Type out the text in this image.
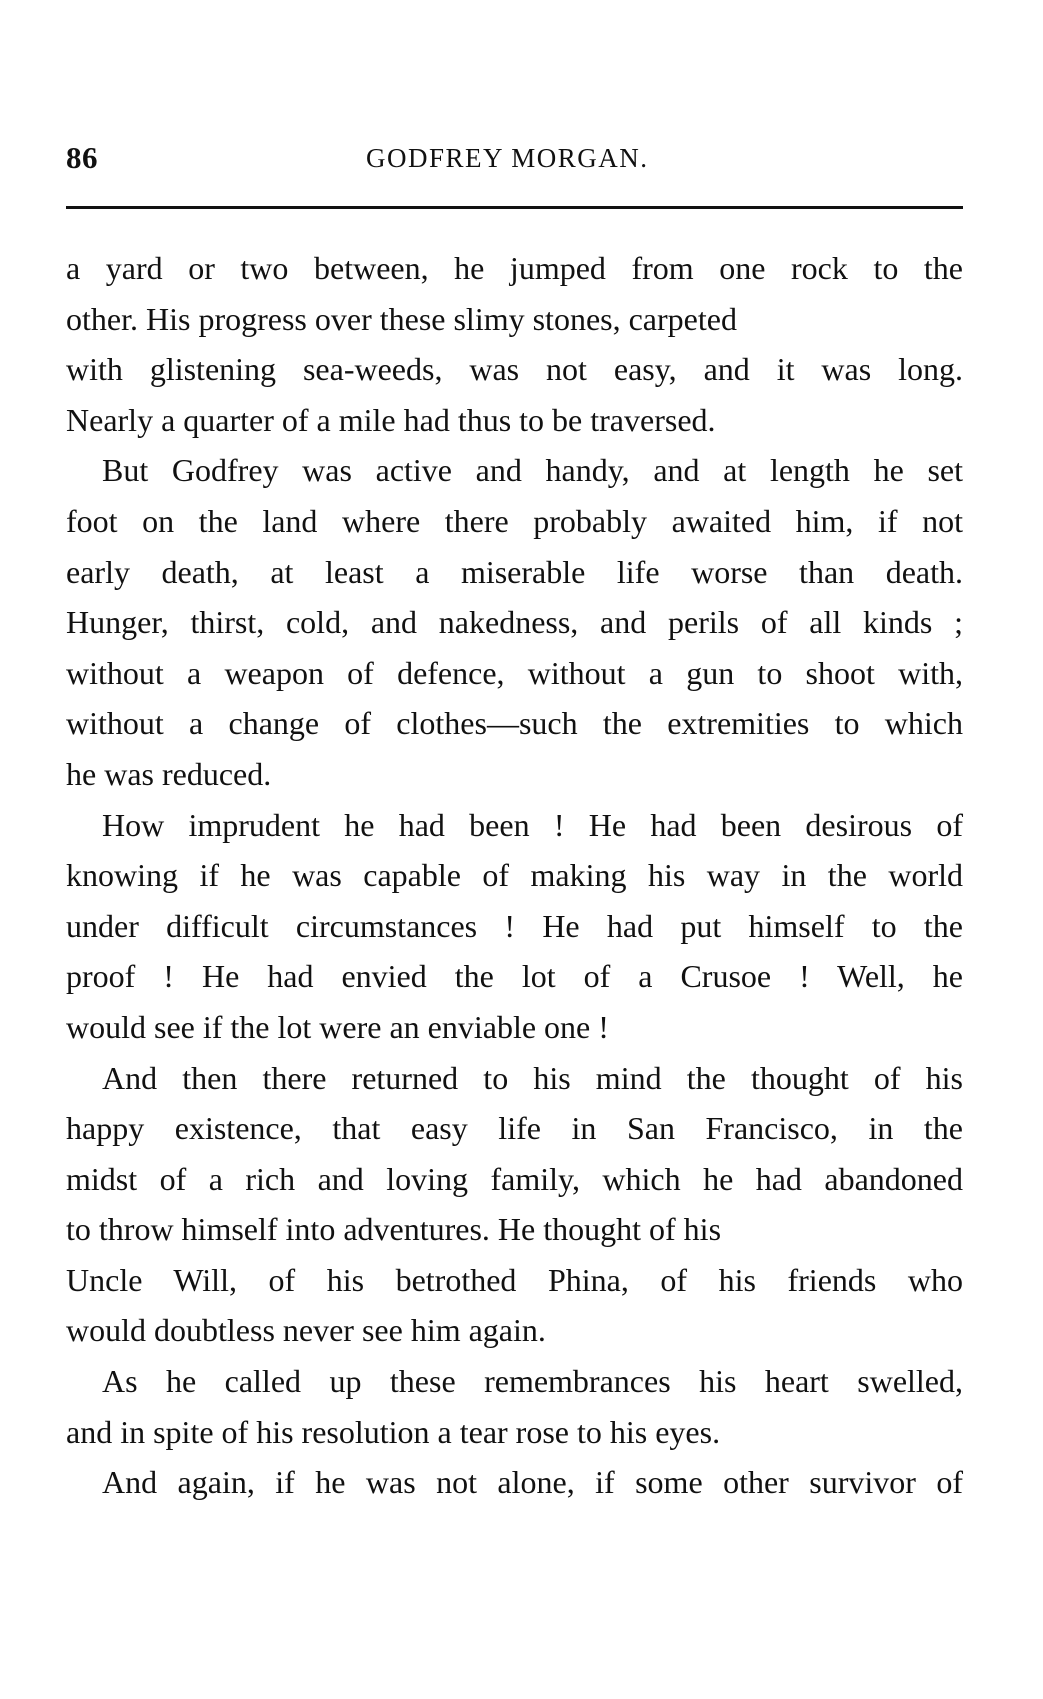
86	GODFREY MORGAN.
a yard or two between, he jumped from one rock to the
other. His progress over these slimy stones, carpeted
with glistening sea-weeds, was not easy, and it was long.
Nearly a quarter of a mile had thus to be traversed.
But Godfrey was active and handy, and at length he set
foot on the land where there probably awaited him, if not
early death, at least a miserable life worse than death.
Hunger, thirst, cold, and nakedness, and perils of all kinds ;
without a weapon of defence, without a gun to shoot with,
without a change of clothes—such the extremities to which
he was reduced.
How imprudent he had been ! He had been desirous of
knowing if he was capable of making his way in the world
under difficult circumstances ! He had put himself to the
proof ! He had envied the lot of a Crusoe ! Well, he
would see if the lot were an enviable one !
And then there returned to his mind the thought of his
happy existence, that easy life in San Francisco, in the
midst of a rich and loving family, which he had abandoned
to throw himself into adventures. He thought of his
Uncle Will, of his betrothed Phina, of his friends who
would doubtless never see him again.
As he called up these remembrances his heart swelled,
and in spite of his resolution a tear rose to his eyes.
And again, if he was not alone, if some other survivor of
